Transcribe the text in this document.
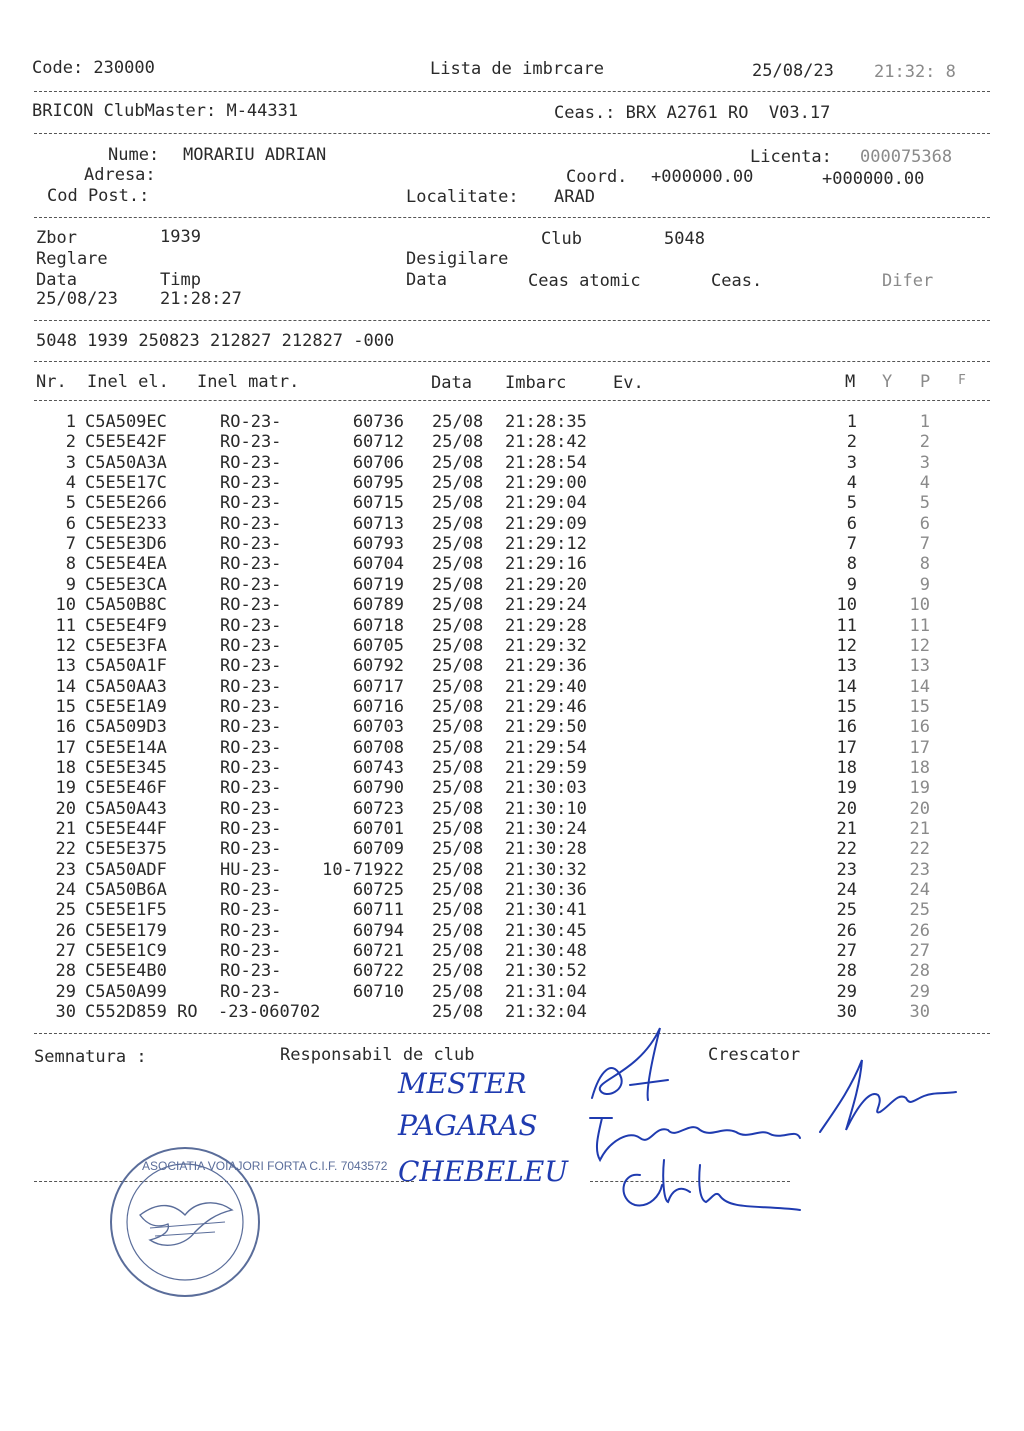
Code: 230000	Lista de imbrcare	25/08/23 21:32: 8
BRICON ClubMaster: M-44331	Ceas.: BRX A2761 RO  V03.17
Nume: MORARIU ADRIAN	Licenta: 000075368
Adresa:	Coord. +000000.00	+000000.00
Cod Post.:	Localitate: ARAD
Zbor	1939	Club	5048
Reglare	Desigilare
Data	Timp	Data	Ceas atomic	Ceas.	Difer
25/08/23 21:28:27
5048 1939 250823 212827 212827 -000
Nr. Inel el. Inel matr.	Data Imbarc	Ev.	M Y P F
1 C5A509EC	RO-23-	60736 25/08 21:28:35	1	1
2 C5E5E42F	RO-23-	60712 25/08 21:28:42	2	2
3 C5A50A3A	RO-23-	60706 25/08 21:28:54	3	3
4 C5E5E17C	RO-23-	60795 25/08 21:29:00	4	4
5 C5E5E266	RO-23-	60715 25/08 21:29:04	5	5
6 C5E5E233	RO-23-	60713 25/08 21:29:09	6	6
7 C5E5E3D6	RO-23-	60793 25/08 21:29:12	7	7
8 C5E5E4EA	RO-23-	60704 25/08 21:29:16	8	8
9 C5E5E3CA	RO-23-	60719 25/08 21:29:20	9	9
10 C5A50B8C	RO-23-	60789 25/08 21:29:24	10	10
11 C5E5E4F9	RO-23-	60718 25/08 21:29:28	11	11
12 C5E5E3FA	RO-23-	60705 25/08 21:29:32	12	12
13 C5A50A1F	RO-23-	60792 25/08 21:29:36	13	13
14 C5A50AA3	RO-23-	60717 25/08 21:29:40	14	14
15 C5E5E1A9	RO-23-	60716 25/08 21:29:46	15	15
16 C5A509D3	RO-23-	60703 25/08 21:29:50	16	16
17 C5E5E14A	RO-23-	60708 25/08 21:29:54	17	17
18 C5E5E345	RO-23-	60743 25/08 21:29:59	18	18
19 C5E5E46F	RO-23-	60790 25/08 21:30:03	19	19
20 C5A50A43	RO-23-	60723 25/08 21:30:10	20	20
21 C5E5E44F	RO-23-	60701 25/08 21:30:24	21	21
22 C5E5E375	RO-23-	60709 25/08 21:30:28	22	22
23 C5A50ADF	HU-23- 10-71922 25/08 21:30:32	23	23
24 C5A50B6A	RO-23-	60725 25/08 21:30:36	24	24
25 C5E5E1F5	RO-23-	60711 25/08 21:30:41	25	25
26 C5E5E179	RO-23-	60794 25/08 21:30:45	26	26
27 C5E5E1C9	RO-23-	60721 25/08 21:30:48	27	27
28 C5E5E4B0	RO-23-	60722 25/08 21:30:52	28	28
29 C5A50A99	RO-23-	60710 25/08 21:31:04	29	29
30 C552D859 RO  -23-060702	25/08 21:32:04	30	30
Semnatura :	Responsabil de club	Crescator
MESTER
PAGARAS
CHEBELEU
ASOCIATIA VOIAJORI FORTA C.I.F. 7043572
